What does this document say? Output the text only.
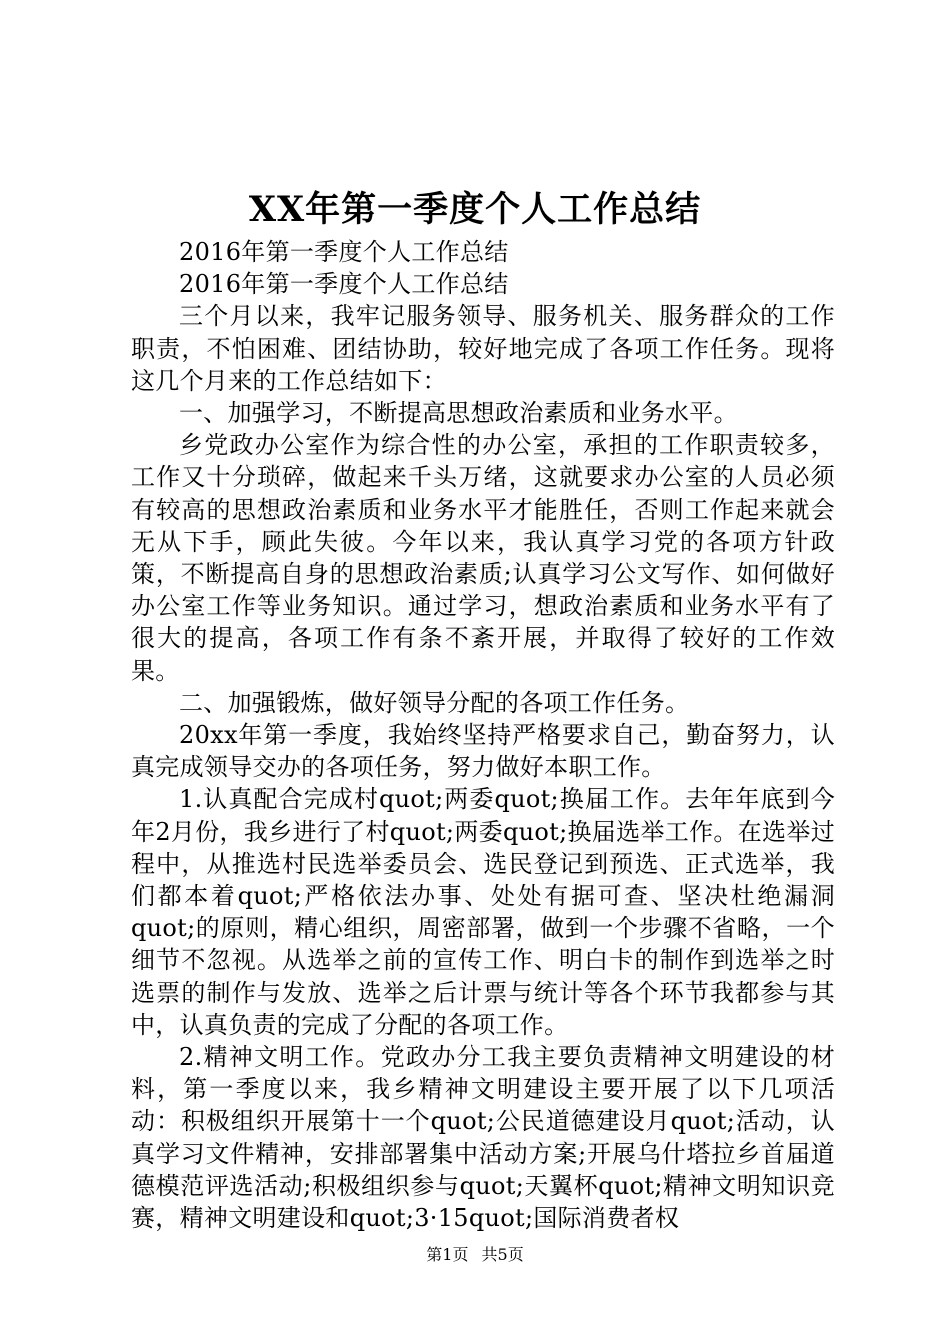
XX年第一季度个人工作总结

2016年第一季度个人工作总结

2016年第一季度个人工作总结

三个月以来，我牢记服务领导、服务机关、服务群众的工作职责，不怕困难、团结协助，较好地完成了各项工作任务。现将这几个月来的工作总结如下：

一、加强学习，不断提高思想政治素质和业务水平。

乡党政办公室作为综合性的办公室，承担的工作职责较多，工作又十分琐碎，做起来千头万绪，这就要求办公室的人员必须有较高的思想政治素质和业务水平才能胜任，否则工作起来就会无从下手，顾此失彼。今年以来，我认真学习党的各项方针政策，不断提高自身的思想政治素质;认真学习公文写作、如何做好办公室工作等业务知识。通过学习，想政治素质和业务水平有了很大的提高，各项工作有条不紊开展，并取得了较好的工作效果。

二、加强锻炼，做好领导分配的各项工作任务。

20xx年第一季度，我始终坚持严格要求自己，勤奋努力，认真完成领导交办的各项任务，努力做好本职工作。

1.认真配合完成村quot;两委quot;换届工作。去年年底到今年2月份，我乡进行了村quot;两委quot;换届选举工作。在选举过程中，从推选村民选举委员会、选民登记到预选、正式选举，我们都本着quot;严格依法办事、处处有据可查、坚决杜绝漏洞quot;的原则，精心组织，周密部署，做到一个步骤不省略，一个细节不忽视。从选举之前的宣传工作、明白卡的制作到选举之时选票的制作与发放、选举之后计票与统计等各个环节我都参与其中，认真负责的完成了分配的各项工作。

2.精神文明工作。党政办分工我主要负责精神文明建设的材料，第一季度以来，我乡精神文明建设主要开展了以下几项活动：积极组织开展第十一个quot;公民道德建设月quot;活动，认真学习文件精神，安排部署集中活动方案;开展乌什塔拉乡首届道德模范评选活动;积极组织参与quot;天翼杯quot;精神文明知识竞赛，精神文明建设和quot;3·15quot;国际消费者权

第1页 共5页
